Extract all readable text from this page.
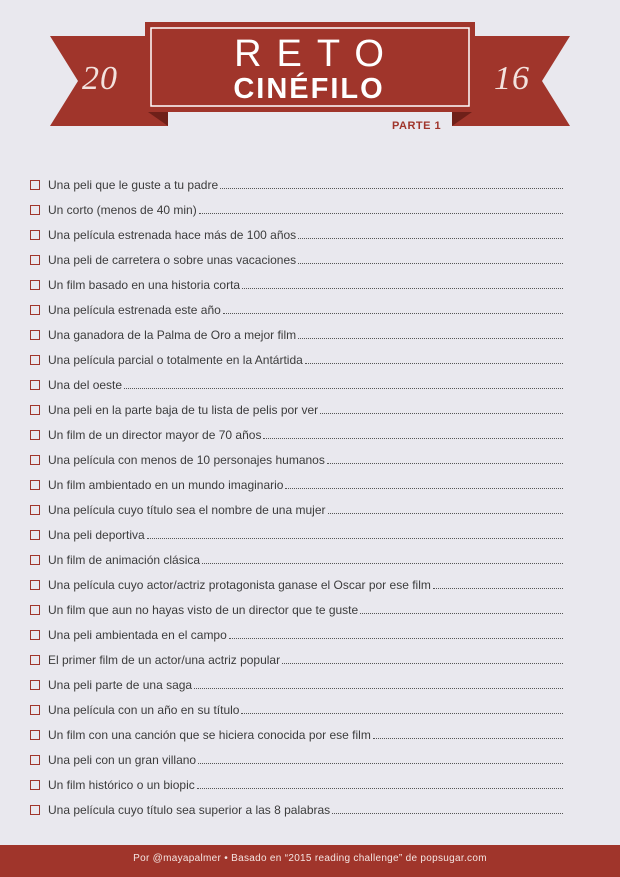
20	16
RETO
CINÉFILO
PARTE 1
Una peli que le guste a tu padre
Un corto (menos de 40 min)
Una película estrenada hace más de 100 años
Una peli de carretera o sobre unas vacaciones
Un film basado en una historia corta
Una película estrenada este año
Una ganadora de la Palma de Oro a mejor film
Una película parcial o totalmente en la Antártida
Una del oeste
Una peli en la parte baja de tu lista de pelis por ver
Un film de un director mayor de 70 años
Una película con menos de 10 personajes humanos
Un film ambientado en un mundo imaginario
Una película cuyo título sea el nombre de una mujer
Una peli deportiva
Un film de animación clásica
Una película cuyo actor/actriz protagonista ganase el Oscar por ese film
Un film que aun no hayas visto de un director que te guste
Una peli ambientada en el campo
El primer film de un actor/una actriz popular
Una peli parte de una saga
Una película con un año en su título
Un film con una canción que se hiciera conocida por ese film
Una peli con un gran villano
Un film histórico o un biopic
Una película cuyo título sea superior a las 8 palabras
Por @mayapalmer • Basado en “2015 reading challenge” de popsugar.com
